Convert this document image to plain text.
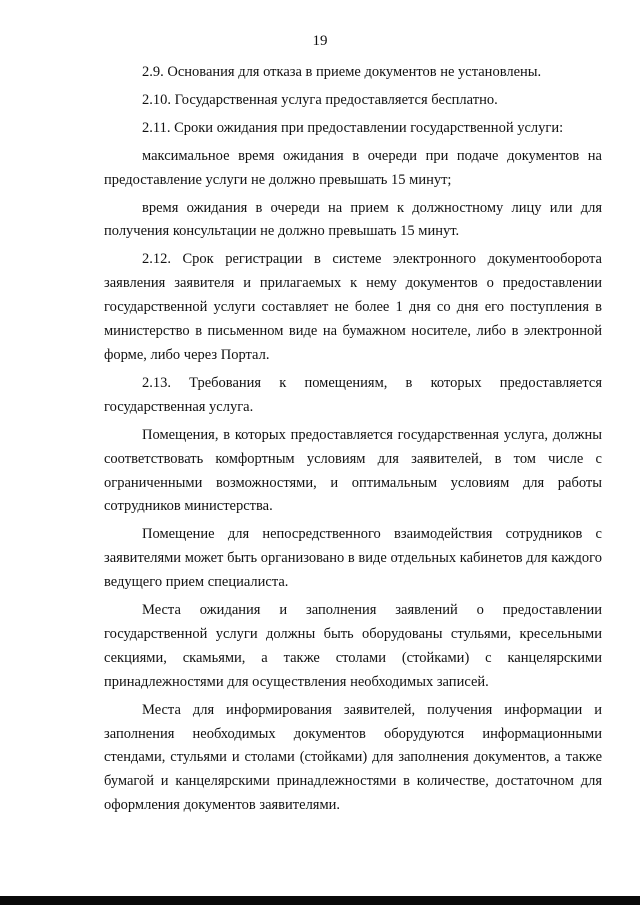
19

2.9. Основания для отказа в приеме документов не установлены.

2.10. Государственная услуга предоставляется бесплатно.

2.11. Сроки ожидания при предоставлении государственной услуги:

максимальное время ожидания в очереди при подаче документов на предоставление услуги не должно превышать 15 минут;

время ожидания в очереди на прием к должностному лицу или для получения консультации не должно превышать 15 минут.

2.12. Срок регистрации в системе электронного документооборота заявления заявителя и прилагаемых к нему документов о предоставлении государственной услуги составляет не более 1 дня со дня его поступления в министерство в письменном виде на бумажном носителе, либо в электронной форме, либо через Портал.

2.13. Требования к помещениям, в которых предоставляется государственная услуга.

Помещения, в которых предоставляется государственная услуга, должны соответствовать комфортным условиям для заявителей, в том числе с ограниченными возможностями, и оптимальным условиям для работы сотрудников министерства.

Помещение для непосредственного взаимодействия сотрудников с заявителями может быть организовано в виде отдельных кабинетов для каждого ведущего прием специалиста.

Места ожидания и заполнения заявлений о предоставлении государственной услуги должны быть оборудованы стульями, кресельными секциями, скамьями, а также столами (стойками) с канцелярскими принадлежностями для осуществления необходимых записей.

Места для информирования заявителей, получения информации и заполнения необходимых документов оборудуются информационными стендами, стульями и столами (стойками) для заполнения документов, а также бумагой и канцелярскими принадлежностями в количестве, достаточном для оформления документов заявителями.
